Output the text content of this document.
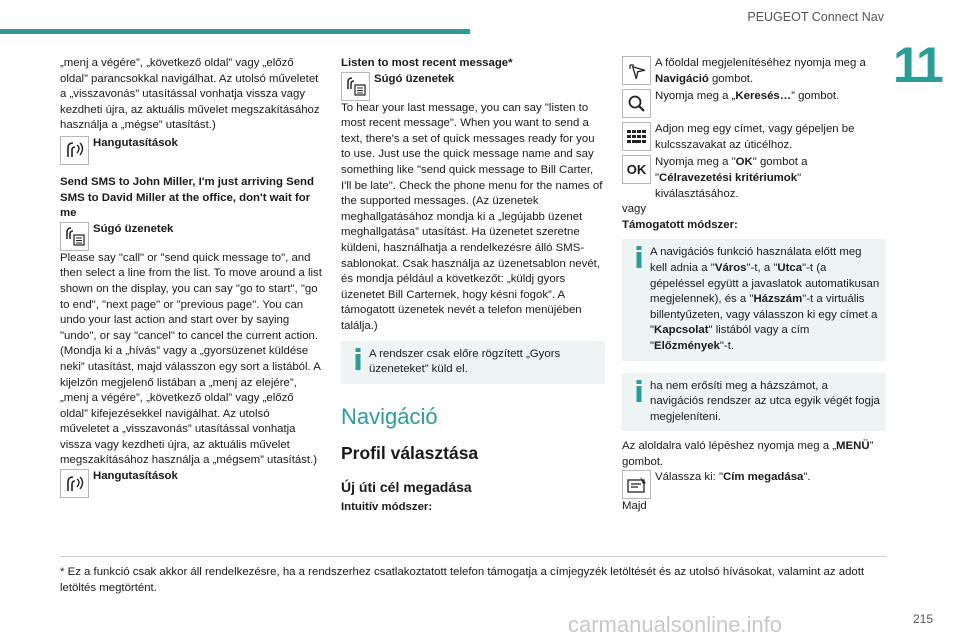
PEUGEOT Connect Nav
11

„menj a végére”, „következő oldal” vagy „előző oldal” parancsokkal navigálhat. Az utolsó műveletet a „visszavonás” utasítással vonhatja vissza vagy kezdheti újra, az aktuális művelet megszakításához használja a „mégse” utasítást.)

Hangutasítások

Send SMS to John Miller, I'm just arriving Send SMS to David Miller at the office, don't wait for me

Súgó üzenetek

Please say "call" or "send quick message to", and then select a line from the list. To move around a list shown on the display, you can say "go to start", "go to end", "next page" or "previous page". You can undo your last action and start over by saying "undo", or say "cancel" to cancel the current action. (Mondja ki a „hívás” vagy a „gyorsüzenet küldése neki” utasítást, majd válasszon egy sort a listából. A kijelzőn megjelenő listában a „menj az elejére”, „menj a végére”, „következő oldal” vagy „előző oldal” kifejezésekkel navigálhat. Az utolsó műveletet a „visszavonás” utasítással vonhatja vissza vagy kezdheti újra, az aktuális művelet megszakításához használja a „mégsem” utasítást.)

Hangutasítások

Listen to most recent message*

Súgó üzenetek

To hear your last message, you can say "listen to most recent message". When you want to send a text, there's a set of quick messages ready for you to use. Just use the quick message name and say something like "send quick message to Bill Carter, I'll be late". Check the phone menu for the names of the supported messages. (Az üzenetek meghallgatásához mondja ki a „legújabb üzenet meghallgatása” utasítást. Ha üzenetet szeretne küldeni, használhatja a rendelkezésre álló SMS-sablonokat. Csak használja az üzenetsablon nevét, és mondja például a következőt: „küldj gyors üzenetet Bill Carternek, hogy késni fogok”. A támogatott üzenetek nevét a telefon menüjében találja.)

A rendszer csak előre rögzített „Gyors üzeneteket” küld el.
Navigáció
Profil választása
Új úti cél megadása

Intuitív módszer:

A főoldal megjelenítéséhez nyomja meg a Navigáció gombot.
Nyomja meg a „Keresés…” gombot.
Adjon meg egy címet, vagy gépeljen be kulcsszavakat az úticélhoz.
OK Nyomja meg a "OK" gombot a "Célravezetési kritériumok" kiválasztásához.

vagy

Támogatott módszer:

A navigációs funkció használata előtt meg kell adnia a "Város"-t, a "Utca"-t (a gépeléssel együtt a javaslatok automatikusan megjelennek), és a "Házszám"-t a virtuális billentyűzeten, vagy válasszon ki egy címet a "Kapcsolat" listából vagy a cím "Előzmények"-t.
ha nem erősíti meg a házszámot, a navigációs rendszer az utca egyik végét fogja megjeleníteni.

Az aloldalra való lépéshez nyomja meg a „MENÜ” gombot.

Válassza ki: "Cím megadása".

Majd

* Ez a funkció csak akkor áll rendelkezésre, ha a rendszerhez csatlakoztatott telefon támogatja a címjegyzék letöltését és az utolsó hívásokat, valamint az adott letöltés megtörtént.
carmanualsonline.info	215
